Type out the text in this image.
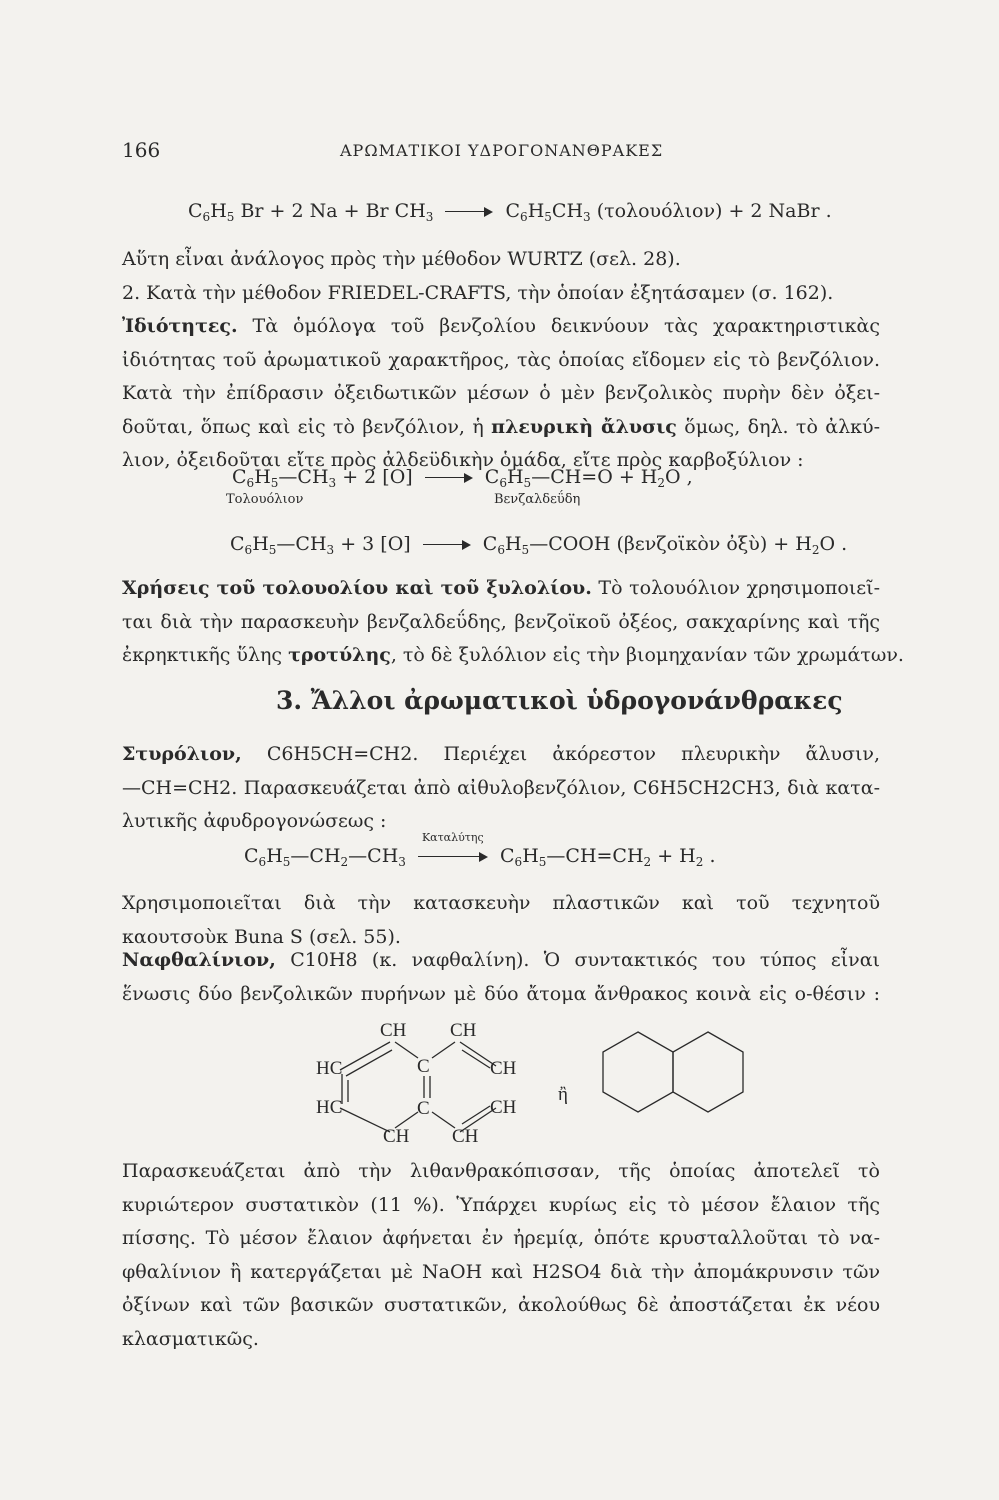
166	ΑΡΩΜΑΤΙΚΟΙ ΥΔΡΟΓΟΝΑΝΘΡΑΚΕΣ
$C_6H_5$ Br + 2 Na + Br $CH_3$	$C_6H_5CH_3$ (τολουόλιον) + 2 NaBr .
Αὕτη εἶναι ἀνάλογος πρὸς τὴν μέθοδον WURTZ (σελ. 28).
2. Κατὰ τὴν μέθοδον FRIEDEL-CRAFTS, τὴν ὁποίαν ἐξητάσαμεν (σ. 162).
Ἰδιότητες. Τὰ ὁμόλογα τοῦ βενζολίου δεικνύουν τὰς χαρακτηριστικὰς
ἰδιότητας τοῦ ἀρωματικοῦ χαρακτῆρος, τὰς ὁποίας εἴδομεν εἰς τὸ βενζόλιον.
Κατὰ τὴν ἐπίδρασιν ὀξειδωτικῶν μέσων ὁ μὲν βενζολικὸς πυρὴν δὲν ὀξει-
δοῦται, ὅπως καὶ εἰς τὸ βενζόλιον, ἡ πλευρικὴ ἄλυσις ὅμως, δηλ. τὸ ἀλκύ-
λιον, ὀξειδοῦται εἴτε πρὸς ἀλδεϋδικὴν ὁμάδα, εἴτε πρὸς καρβοξύλιον :
$C_6H_5—CH_3 + 2$ [O]	$C_6H_5—CH=O + H_2O$ ,
Τολουόλιον	Βενζαλδεΰδη
$C_6H_5—CH_3 + 3$ [O]	$C_6H_5—COOH$ (βενζοϊκὸν ὀξὺ) + $H_2O$ .
Χρήσεις τοῦ τολουολίου καὶ τοῦ ξυλολίου. Τὸ τολουόλιον χρησιμοποιεῖ-
ται διὰ τὴν παρασκευὴν βενζαλδεΰδης, βενζοϊκοῦ ὀξέος, σακχαρίνης καὶ τῆς
ἐκρηκτικῆς ὕλης τροτύλης, τὸ δὲ ξυλόλιον εἰς τὴν βιομηχανίαν τῶν χρωμάτων.
3. Ἄλλοι ἀρωματικοὶ ὑδρογονάνθρακες
Στυρόλιον, C6H5CH=CH2. Περιέχει ἀκόρεστον πλευρικὴν ἄλυσιν,
—CH=CH2. Παρασκευάζεται ἀπὸ αἰθυλοβενζόλιον, C6H5CH2CH3, διὰ κατα-
λυτικῆς ἀφυδρογονώσεως :
$C_6H_5—CH_2—CH_3$
Καταλύτης
$C_6H_5—CH=CH_2 + H_2$ .
Χρησιμοποιεῖται διὰ τὴν κατασκευὴν πλαστικῶν καὶ τοῦ τεχνητοῦ
καουτσοὺκ Buna S (σελ. 55).
Ναφθαλίνιον, C10H8 (κ. ναφθαλίνη). Ὁ συντακτικός του τύπος εἶναι
ἕνωσις δύο βενζολικῶν πυρήνων μὲ δύο ἄτομα ἄνθρακος κοινὰ εἰς o-θέσιν :
CH CH
HC	C	CH
HC	C	CH
CH CH
ἢ
Παρασκευάζεται ἀπὸ τὴν λιθανθρακόπισσαν, τῆς ὁποίας ἀποτελεῖ τὸ
κυριώτερον συστατικὸν (11 %). Ὑπάρχει κυρίως εἰς τὸ μέσον ἔλαιον τῆς
πίσσης. Τὸ μέσον ἔλαιον ἀφήνεται ἐν ἠρεμίᾳ, ὁπότε κρυσταλλοῦται τὸ να-
φθαλίνιον ἢ κατεργάζεται μὲ NaOH καὶ H2SO4 διὰ τὴν ἀπομάκρυνσιν τῶν
ὀξίνων καὶ τῶν βασικῶν συστατικῶν, ἀκολούθως δὲ ἀποστάζεται ἐκ νέου
κλασματικῶς.
